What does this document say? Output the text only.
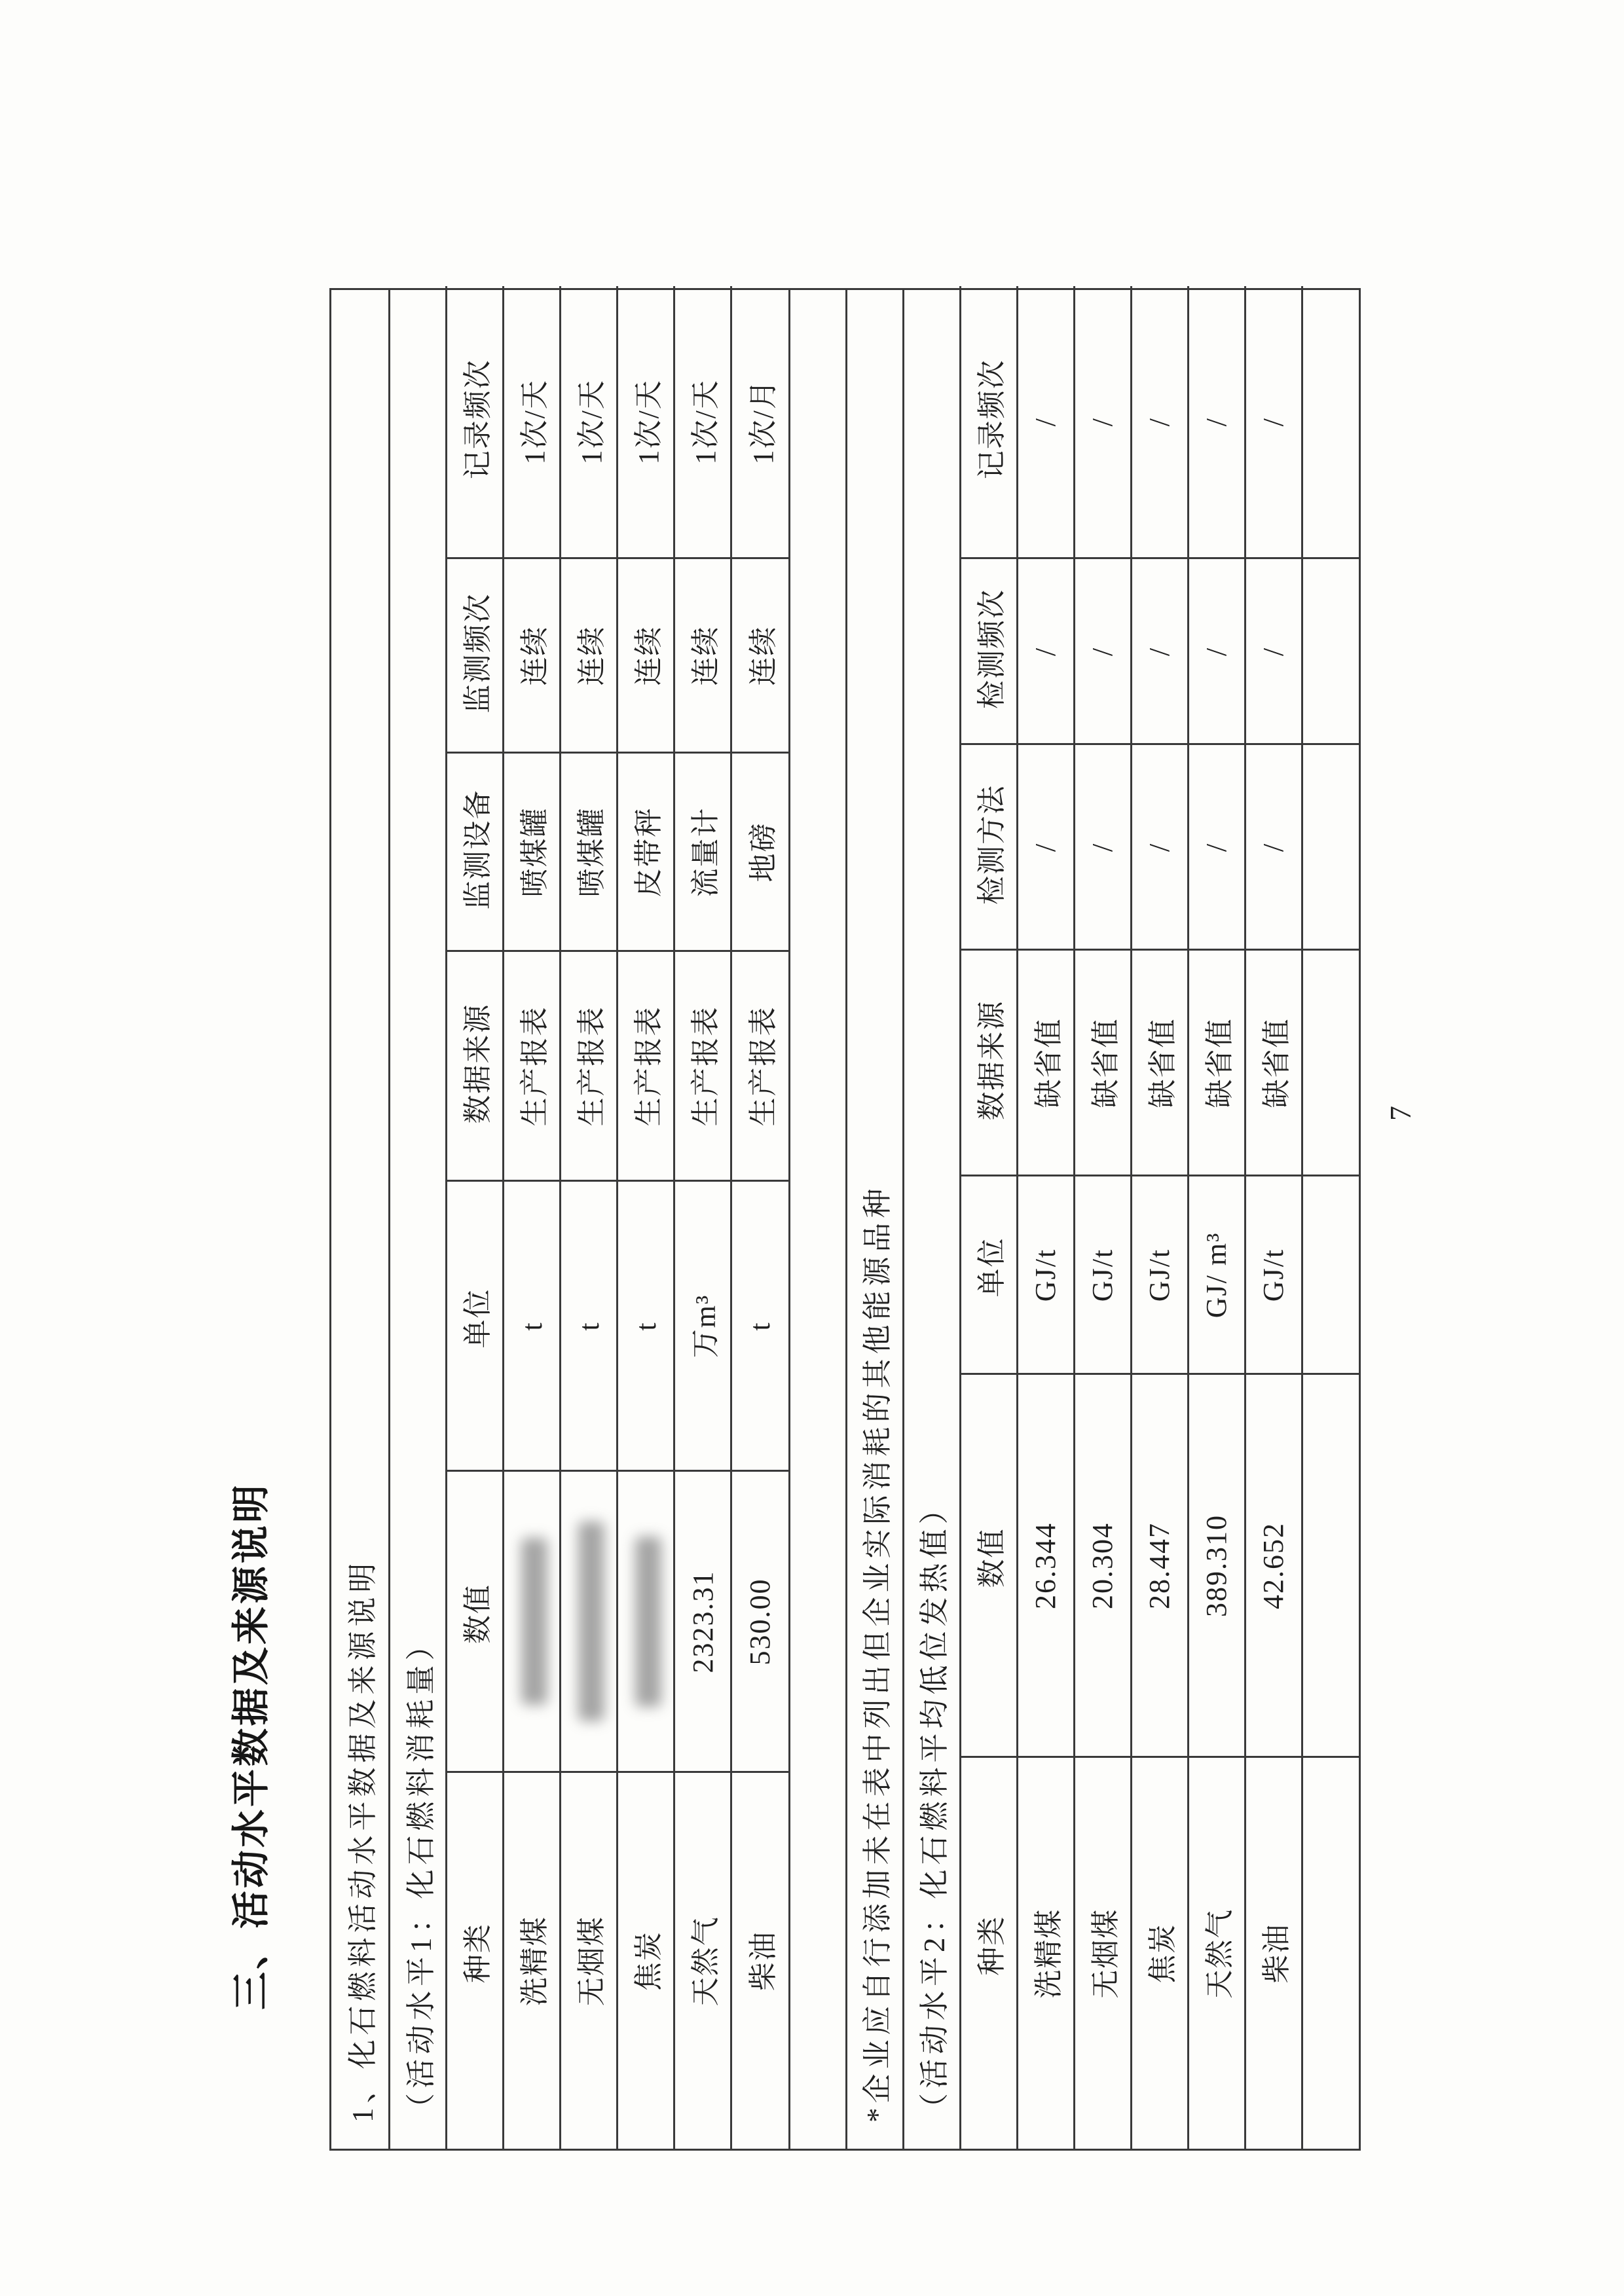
三、活动水平数据及来源说明	1、化石燃料活动水平数据及来源说明 （活动水平1：化石燃料消耗量） 种类	数值	单位	数据来源	监测设备	监测频次	记录频次
洗精煤		t	生产报表	喷煤罐	连续	1次/天
无烟煤		t	生产报表	喷煤罐	连续	1次/天
焦炭		t	生产报表	皮带秤	连续	1次/天
天然气	2323.31	万m³	生产报表	流量计	连续	1次/天
柴油	530.00	t	生产报表	地磅	连续	1次/月
*企业应自行添加未在表中列出但企业实际消耗的其他能源品种 （活动水平2：化石燃料平均低位发热值） 种类	数值	单位	数据来源	检测方法	检测频次	记录频次
洗精煤	26.344	GJ/t	缺省值	/	/	/
无烟煤	20.304	GJ/t	缺省值	/	/	/
焦炭	28.447	GJ/t	缺省值	/	/	/
天然气	389.310	GJ/ m³	缺省值	/	/	/
柴油	42.652	GJ/t	缺省值	/	/	/

7
